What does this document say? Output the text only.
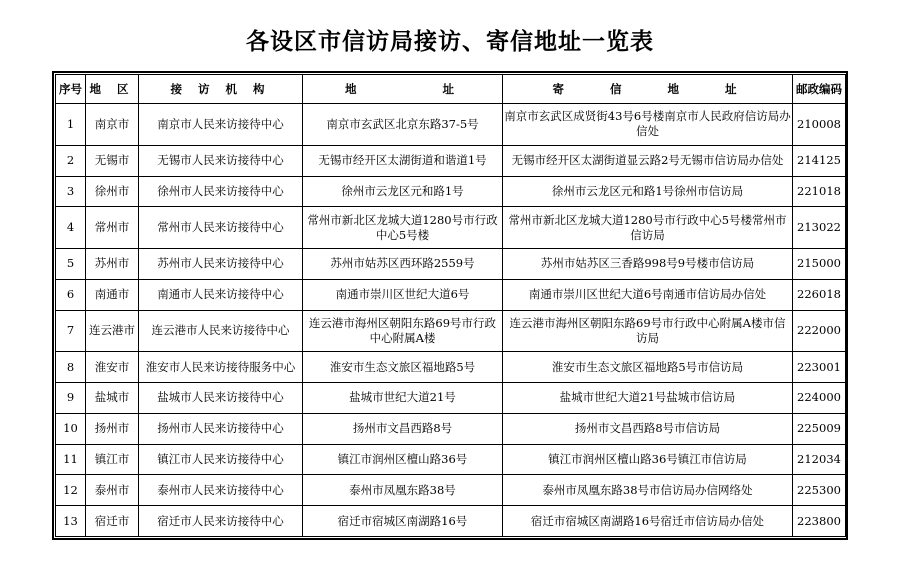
各设区市信访局接访、寄信地址一览表
序号	地 区	接 访 机 构	地 址	寄 信 地 址	邮政编码
1	南京市	南京市人民来访接待中心	南京市玄武区北京东路37-5号	南京市玄武区成贤街43号6号楼南京市人民政府信访局办信处	210008
2	无锡市	无锡市人民来访接待中心	无锡市经开区太湖街道和谐道1号	无锡市经开区太湖街道显云路2号无锡市信访局办信处	214125
3	徐州市	徐州市人民来访接待中心	徐州市云龙区元和路1号	徐州市云龙区元和路1号徐州市信访局	221018
4	常州市	常州市人民来访接待中心	常州市新北区龙城大道1280号市行政中心5号楼	常州市新北区龙城大道1280号市行政中心5号楼常州市信访局	213022
5	苏州市	苏州市人民来访接待中心	苏州市姑苏区西环路2559号	苏州市姑苏区三香路998号9号楼市信访局	215000
6	南通市	南通市人民来访接待中心	南通市崇川区世纪大道6号	南通市崇川区世纪大道6号南通市信访局办信处	226018
7	连云港市	连云港市人民来访接待中心	连云港市海州区朝阳东路69号市行政中心附属A楼	连云港市海州区朝阳东路69号市行政中心附属A楼市信访局	222000
8	淮安市	淮安市人民来访接待服务中心	淮安市生态文旅区福地路5号	淮安市生态文旅区福地路5号市信访局	223001
9	盐城市	盐城市人民来访接待中心	盐城市世纪大道21号	盐城市世纪大道21号盐城市信访局	224000
10	扬州市	扬州市人民来访接待中心	扬州市文昌西路8号	扬州市文昌西路8号市信访局	225009
11	镇江市	镇江市人民来访接待中心	镇江市润州区檀山路36号	镇江市润州区檀山路36号镇江市信访局	212034
12	泰州市	泰州市人民来访接待中心	泰州市凤凰东路38号	泰州市凤凰东路38号市信访局办信网络处	225300
13	宿迁市	宿迁市人民来访接待中心	宿迁市宿城区南湖路16号	宿迁市宿城区南湖路16号宿迁市信访局办信处	223800
